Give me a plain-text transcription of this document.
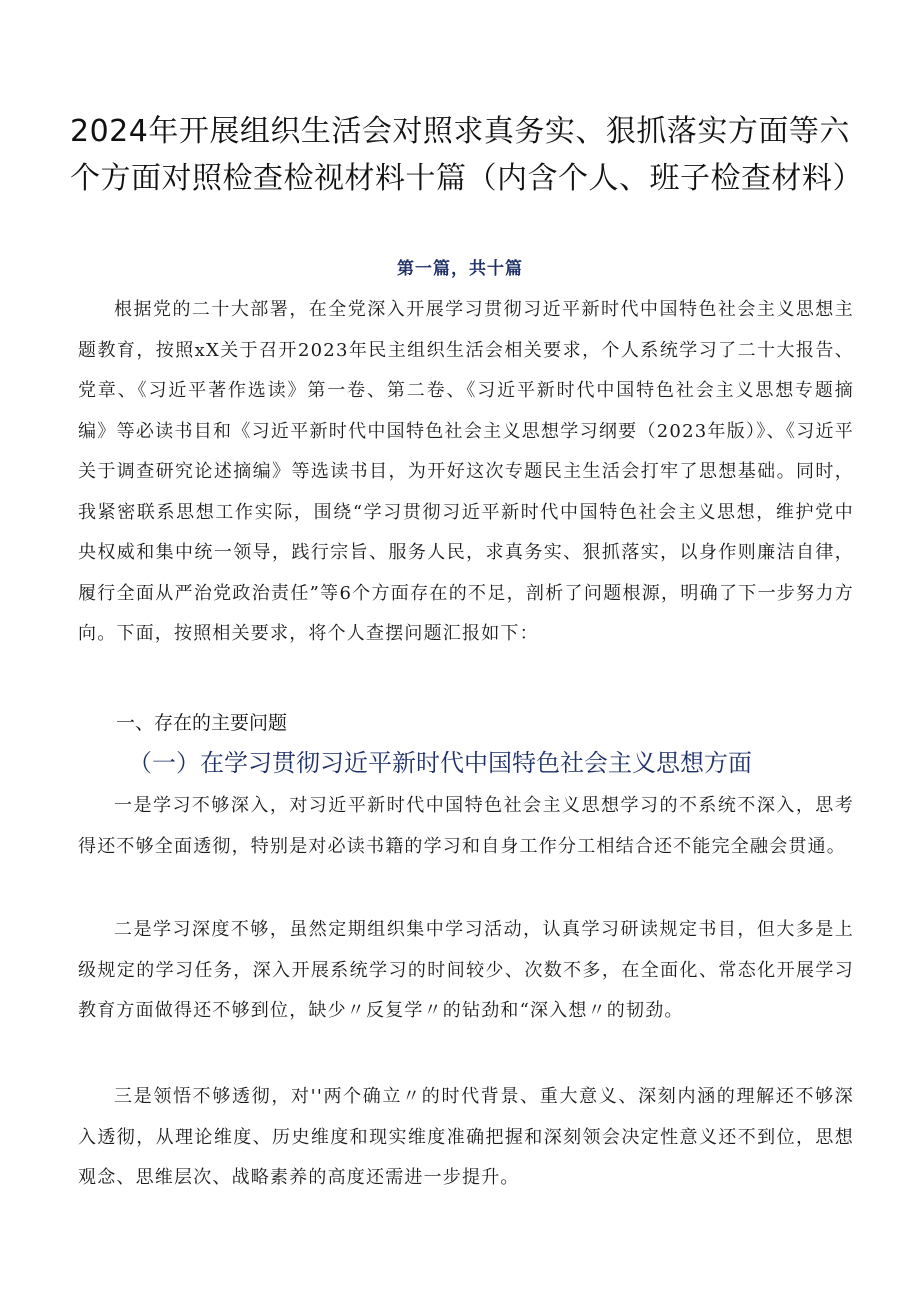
2024年开展组织生活会对照求真务实、狠抓落实方面等六个方面对照检查检视材料十篇（内含个人、班子检查材料）
第一篇，共十篇

根据党的二十大部署，在全党深入开展学习贯彻习近平新时代中国特色社会主义思想主题教育，按照xX关于召开2023年民主组织生活会相关要求，个人系统学习了二十大报告、党章、《习近平著作选读》第一卷、第二卷、《习近平新时代中国特色社会主义思想专题摘编》等必读书目和《习近平新时代中国特色社会主义思想学习纲要（2023年版）》、《习近平关于调查研究论述摘编》等选读书目，为开好这次专题民主生活会打牢了思想基础。同时，我紧密联系思想工作实际，围绕“学习贯彻习近平新时代中国特色社会主义思想，维护党中央权威和集中统一领导，践行宗旨、服务人民，求真务实、狠抓落实，以身作则廉洁自律，履行全面从严治党政治责任”等6个方面存在的不足，剖析了问题根源，明确了下一步努力方向。下面，按照相关要求，将个人查摆问题汇报如下：

一、存在的主要问题
（一）在学习贯彻习近平新时代中国特色社会主义思想方面

一是学习不够深入，对习近平新时代中国特色社会主义思想学习的不系统不深入，思考得还不够全面透彻，特别是对必读书籍的学习和自身工作分工相结合还不能完全融会贯通。

二是学习深度不够，虽然定期组织集中学习活动，认真学习研读规定书目，但大多是上级规定的学习任务，深入开展系统学习的时间较少、次数不多，在全面化、常态化开展学习教育方面做得还不够到位，缺少〃反复学〃的钻劲和“深入想〃的韧劲。

三是领悟不够透彻，对''两个确立〃的时代背景、重大意义、深刻内涵的理解还不够深入透彻，从理论维度、历史维度和现实维度准确把握和深刻领会决定性意义还不到位，思想观念、思维层次、战略素养的高度还需进一步提升。
